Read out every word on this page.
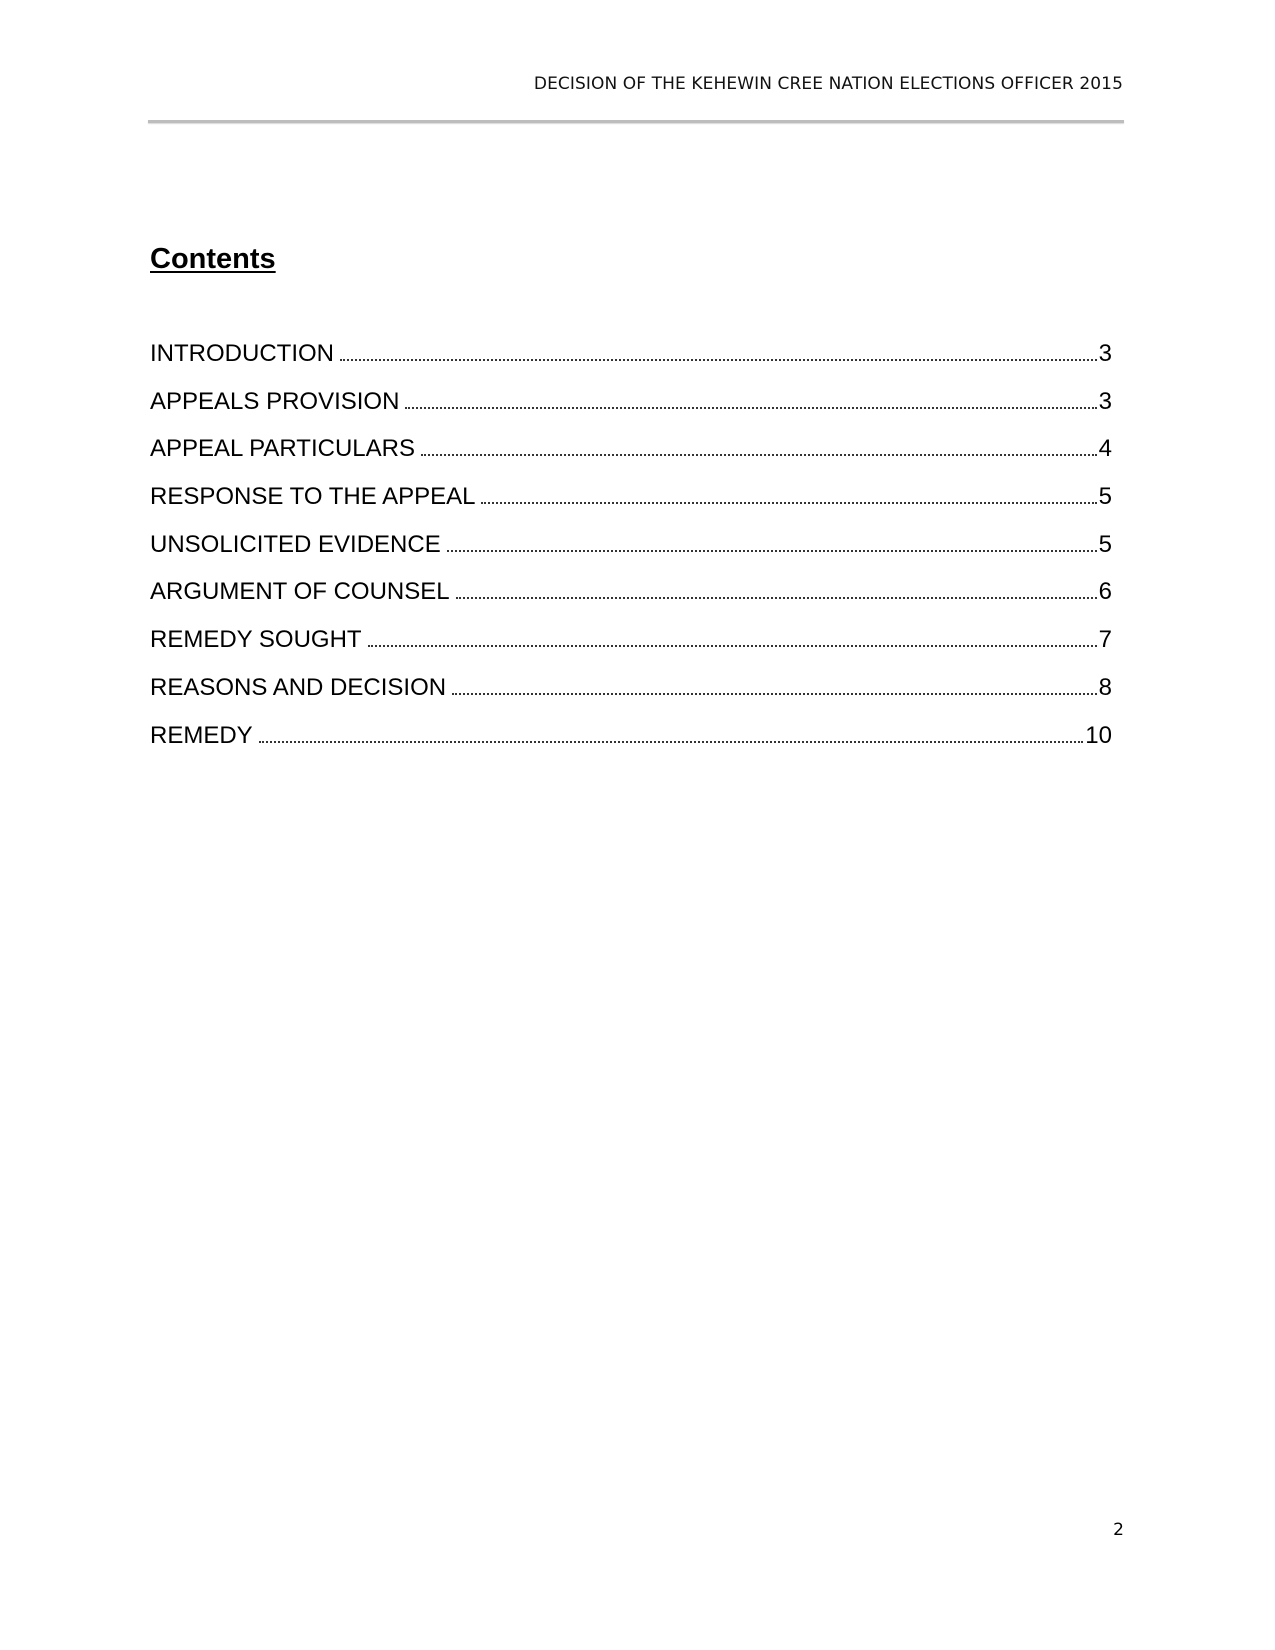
DECISION OF THE KEHEWIN CREE NATION ELECTIONS OFFICER 2015
Contents
INTRODUCTION	3
APPEALS PROVISION	3
APPEAL PARTICULARS	4
RESPONSE TO THE APPEAL	5
UNSOLICITED EVIDENCE	5
ARGUMENT OF COUNSEL	6
REMEDY SOUGHT	7
REASONS AND DECISION	8
REMEDY	10
2
